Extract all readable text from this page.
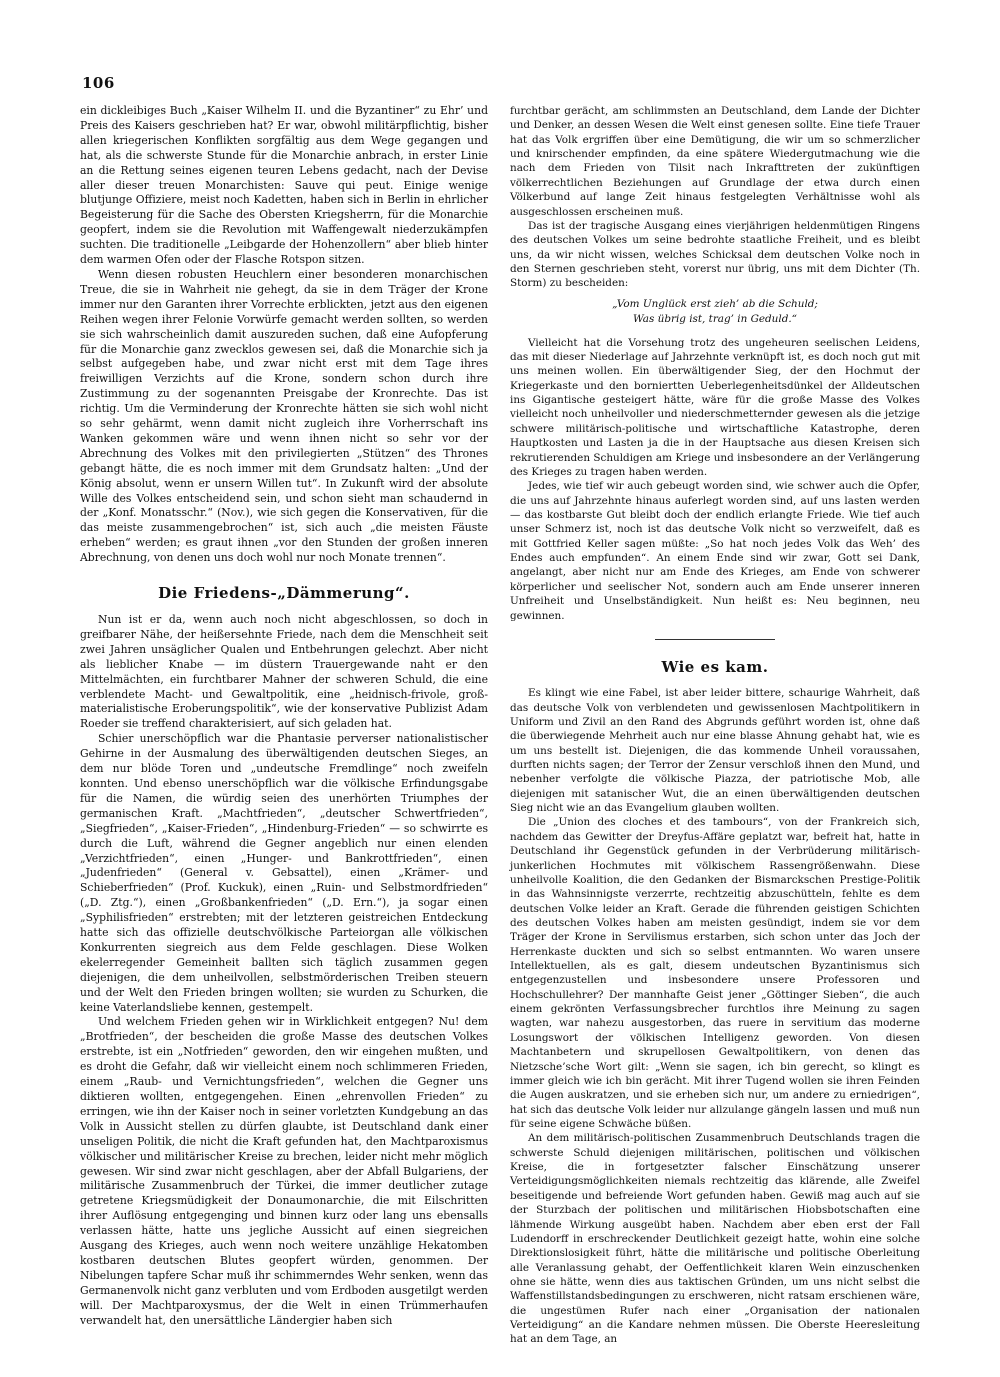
106

ein dickleibiges Buch „Kaiser Wilhelm II. und die Byzantiner“ zu Ehr’ und Preis des Kaisers geschrieben hat? Er war, obwohl militärpflichtig, bisher allen kriegerischen Konflikten sorgfältig aus dem Wege gegangen und hat, als die schwerste Stunde für die Monarchie anbrach, in erster Linie an die Rettung seines eigenen teuren Lebens gedacht, nach der Devise aller dieser treuen Monarchisten: Sauve qui peut. Einige wenige blutjunge Offiziere, meist noch Kadetten, haben sich in Berlin in ehrlicher Begeisterung für die Sache des Obersten Kriegsherrn, für die Monarchie geopfert, indem sie die Revolution mit Waffengewalt niederzukämpfen suchten. Die traditionelle „Leibgarde der Hohenzollern“ aber blieb hinter dem warmen Ofen oder der Flasche Rotspon sitzen.

Wenn diesen robusten Heuchlern einer besonderen monarchischen Treue, die sie in Wahrheit nie gehegt, da sie in dem Träger der Krone immer nur den Garanten ihrer Vorrechte erblickten, jetzt aus den eigenen Reihen wegen ihrer Felonie Vorwürfe gemacht werden sollten, so werden sie sich wahrscheinlich damit auszureden suchen, daß eine Aufopferung für die Monarchie ganz zwecklos gewesen sei, daß die Monarchie sich ja selbst aufgegeben habe, und zwar nicht erst mit dem Tage ihres freiwilligen Verzichts auf die Krone, sondern schon durch ihre Zustimmung zu der sogenannten Preisgabe der Kronrechte. Das ist richtig. Um die Verminderung der Kronrechte hätten sie sich wohl nicht so sehr gehärmt, wenn damit nicht zugleich ihre Vorherrschaft ins Wanken gekommen wäre und wenn ihnen nicht so sehr vor der Abrechnung des Volkes mit den privilegierten „Stützen“ des Thrones gebangt hätte, die es noch immer mit dem Grundsatz halten: „Und der König absolut, wenn er unsern Willen tut“. In Zukunft wird der absolute Wille des Volkes entscheidend sein, und schon sieht man schaudernd in der „Konf. Monatsschr.“ (Nov.), wie sich gegen die Konservativen, für die das meiste zusammengebrochen“ ist, sich auch „die meisten Fäuste erheben“ werden; es graut ihnen „vor den Stunden der großen inneren Abrechnung, von denen uns doch wohl nur noch Monate trennen“.

Die Friedens-„Dämmerung“.

Nun ist er da, wenn auch noch nicht abgeschlossen, so doch in greifbarer Nähe, der heißersehnte Friede, nach dem die Menschheit seit zwei Jahren unsäglicher Qualen und Entbehrungen gelechzt. Aber nicht als lieblicher Knabe — im düstern Trauergewande naht er den Mittelmächten, ein furchtbarer Mahner der schweren Schuld, die eine verblendete Macht- und Gewaltpolitik, eine „heidnisch-frivole, groß-materialistische Eroberungspolitik“, wie der konservative Publizist Adam Roeder sie treffend charakterisiert, auf sich geladen hat.

Schier unerschöpflich war die Phantasie perverser nationalistischer Gehirne in der Ausmalung des überwältigenden deutschen Sieges, an dem nur blöde Toren und „undeutsche Fremdlinge“ noch zweifeln konnten. Und ebenso unerschöpflich war die völkische Erfindungsgabe für die Namen, die würdig seien des unerhörten Triumphes der germanischen Kraft. „Machtfrieden“, „deutscher Schwertfrieden“, „Siegfrieden“, „Kaiser-Frieden“, „Hindenburg-Frieden“ — so schwirrte es durch die Luft, während die Gegner angeblich nur einen elenden „Verzichtfrieden“, einen „Hunger- und Bankrottfrieden“, einen „Judenfrieden“ (General v. Gebsattel), einen „Krämer- und Schieberfrieden“ (Prof. Kuckuk), einen „Ruin- und Selbstmordfrieden“ („D. Ztg.“), einen „Großbankenfrieden“ („D. Ern.“), ja sogar einen „Syphilisfrieden“ erstrebten; mit der letzteren geistreichen Entdeckung hatte sich das offizielle deutschvölkische Parteiorgan alle völkischen Konkurrenten siegreich aus dem Felde geschlagen. Diese Wolken ekelerregender Gemeinheit ballten sich täglich zusammen gegen diejenigen, die dem unheilvollen, selbstmörderischen Treiben steuern und der Welt den Frieden bringen wollten; sie wurden zu Schurken, die keine Vaterlandsliebe kennen, gestempelt.

Und welchem Frieden gehen wir in Wirklichkeit entgegen? Nu! dem „Brotfrieden“, der bescheiden die große Masse des deutschen Volkes erstrebte, ist ein „Notfrieden“ geworden, den wir eingehen mußten, und es droht die Gefahr, daß wir vielleicht einem noch schlimmeren Frieden, einem „Raub- und Vernichtungsfrieden“, welchen die Gegner uns diktieren wollten, entgegengehen. Einen „ehrenvollen Frieden“ zu erringen, wie ihn der Kaiser noch in seiner vorletzten Kundgebung an das Volk in Aussicht stellen zu dürfen glaubte, ist Deutschland dank einer unseligen Politik, die nicht die Kraft gefunden hat, den Machtparoxismus völkischer und militärischer Kreise zu brechen, leider nicht mehr möglich gewesen. Wir sind zwar nicht geschlagen, aber der Abfall Bulgariens, der militärische Zusammenbruch der Türkei, die immer deutlicher zutage getretene Kriegsmüdigkeit der Donaumonarchie, die mit Eilschritten ihrer Auflösung entgegenging und binnen kurz oder lang uns ebensalls verlassen hätte, hatte uns jegliche Aussicht auf einen siegreichen Ausgang des Krieges, auch wenn noch weitere unzählige Hekatomben kostbaren deutschen Blutes geopfert würden, genommen. Der Nibelungen tapfere Schar muß ihr schimmerndes Wehr senken, wenn das Germanenvolk nicht ganz verbluten und vom Erdboden ausgetilgt werden will. Der Machtparoxysmus, der die Welt in einen Trümmerhaufen verwandelt hat, den unersättliche Ländergier haben sich

furchtbar gerächt, am schlimmsten an Deutschland, dem Lande der Dichter und Denker, an dessen Wesen die Welt einst genesen sollte. Eine tiefe Trauer hat das Volk ergriffen über eine Demütigung, die wir um so schmerzlicher und knirschender empfinden, da eine spätere Wiedergutmachung wie die nach dem Frieden von Tilsit nach Inkrafttreten der zukünftigen völkerrechtlichen Beziehungen auf Grundlage der etwa durch einen Völkerbund auf lange Zeit hinaus festgelegten Verhältnisse wohl als ausgeschlossen erscheinen muß.

Das ist der tragische Ausgang eines vierjährigen heldenmütigen Ringens des deutschen Volkes um seine bedrohte staatliche Freiheit, und es bleibt uns, da wir nicht wissen, welches Schicksal dem deutschen Volke noch in den Sternen geschrieben steht, vorerst nur übrig, uns mit dem Dichter (Th. Storm) zu bescheiden:

„Vom Unglück erst zieh’ ab die Schuld;
Was übrig ist, trag’ in Geduld.“

Vielleicht hat die Vorsehung trotz des ungeheuren seelischen Leidens, das mit dieser Niederlage auf Jahrzehnte verknüpft ist, es doch noch gut mit uns meinen wollen. Ein überwältigender Sieg, der den Hochmut der Kriegerkaste und den borniertten Ueberlegenheitsdünkel der Alldeutschen ins Gigantische gesteigert hätte, wäre für die große Masse des Volkes vielleicht noch unheilvoller und niederschmetternder gewesen als die jetzige schwere militärisch-politische und wirtschaftliche Katastrophe, deren Hauptkosten und Lasten ja die in der Hauptsache aus diesen Kreisen sich rekrutierenden Schuldigen am Kriege und insbesondere an der Verlängerung des Krieges zu tragen haben werden.

Jedes, wie tief wir auch gebeugt worden sind, wie schwer auch die Opfer, die uns auf Jahrzehnte hinaus auferlegt worden sind, auf uns lasten werden — das kostbarste Gut bleibt doch der endlich erlangte Friede. Wie tief auch unser Schmerz ist, noch ist das deutsche Volk nicht so verzweifelt, daß es mit Gottfried Keller sagen müßte: „So hat noch jedes Volk das Weh’ des Endes auch empfunden“. An einem Ende sind wir zwar, Gott sei Dank, angelangt, aber nicht nur am Ende des Krieges, am Ende von schwerer körperlicher und seelischer Not, sondern auch am Ende unserer inneren Unfreiheit und Unselbständigkeit. Nun heißt es: Neu beginnen, neu gewinnen.

Wie es kam.

Es klingt wie eine Fabel, ist aber leider bittere, schaurige Wahrheit, daß das deutsche Volk von verblendeten und gewissenlosen Machtpolitikern in Uniform und Zivil an den Rand des Abgrunds geführt worden ist, ohne daß die überwiegende Mehrheit auch nur eine blasse Ahnung gehabt hat, wie es um uns bestellt ist. Diejenigen, die das kommende Unheil voraussahen, durften nichts sagen; der Terror der Zensur verschloß ihnen den Mund, und nebenher verfolgte die völkische Piazza, der patriotische Mob, alle diejenigen mit satanischer Wut, die an einen überwältigenden deutschen Sieg nicht wie an das Evangelium glauben wollten.

Die „Union des cloches et des tambours“, von der Frankreich sich, nachdem das Gewitter der Dreyfus-Affäre geplatzt war, befreit hat, hatte in Deutschland ihr Gegenstück gefunden in der Verbrüderung militärisch-junkerlichen Hochmutes mit völkischem Rassengrößenwahn. Diese unheilvolle Koalition, die den Gedanken der Bismarckschen Prestige-Politik in das Wahnsinnigste verzerrte, rechtzeitig abzuschütteln, fehlte es dem deutschen Volke leider an Kraft. Gerade die führenden geistigen Schichten des deutschen Volkes haben am meisten gesündigt, indem sie vor dem Träger der Krone in Servilismus erstarben, sich schon unter das Joch der Herrenkaste duckten und sich so selbst entmannten. Wo waren unsere Intellektuellen, als es galt, diesem undeutschen Byzantinismus sich entgegenzustellen und insbesondere unsere Professoren und Hochschullehrer? Der mannhafte Geist jener „Göttinger Sieben“, die auch einem gekrönten Verfassungsbrecher furchtlos ihre Meinung zu sagen wagten, war nahezu ausgestorben, das ruere in servitium das moderne Losungswort der völkischen Intelligenz geworden. Von diesen Machtanbetern und skrupellosen Gewaltpolitikern, von denen das Nietzsche’sche Wort gilt: „Wenn sie sagen, ich bin gerecht, so klingt es immer gleich wie ich bin gerächt. Mit ihrer Tugend wollen sie ihren Feinden die Augen auskratzen, und sie erheben sich nur, um andere zu erniedrigen“, hat sich das deutsche Volk leider nur allzulange gängeln lassen und muß nun für seine eigene Schwäche büßen.

An dem militärisch-politischen Zusammenbruch Deutschlands tragen die schwerste Schuld diejenigen militärischen, politischen und völkischen Kreise, die in fortgesetzter falscher Einschätzung unserer Verteidigungsmöglichkeiten niemals rechtzeitig das klärende, alle Zweifel beseitigende und befreiende Wort gefunden haben. Gewiß mag auch auf sie der Sturzbach der politischen und militärischen Hiobsbotschaften eine lähmende Wirkung ausgeübt haben. Nachdem aber eben erst der Fall Ludendorff in erschreckender Deutlichkeit gezeigt hatte, wohin eine solche Direktionslosigkeit führt, hätte die militärische und politische Oberleitung alle Veranlassung gehabt, der Oeffentlichkeit klaren Wein einzuschenken ohne sie hätte, wenn dies aus taktischen Gründen, um uns nicht selbst die Waffenstillstandsbedingungen zu erschweren, nicht ratsam erschienen wäre, die ungestümen Rufer nach einer „Organisation der nationalen Verteidigung“ an die Kandare nehmen müssen. Die Oberste Heeresleitung hat an dem Tage, an
